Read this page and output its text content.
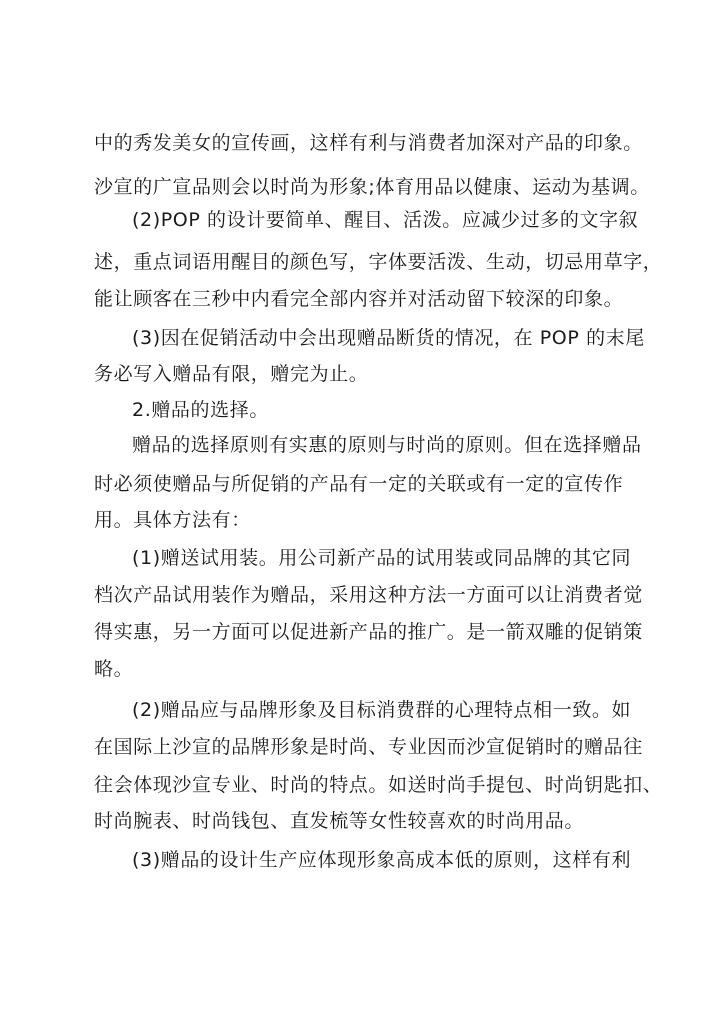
中的秀发美女的宣传画，这样有利与消费者加深对产品的印象。
沙宣的广宣品则会以时尚为形象;体育用品以健康、运动为基调。
(2)POP 的设计要简单、醒目、活泼。应减少过多的文字叙
述，重点词语用醒目的颜色写，字体要活泼、生动，切忌用草字，
能让顾客在三秒中内看完全部内容并对活动留下较深的印象。
(3)因在促销活动中会出现赠品断货的情况，在 POP 的末尾
务必写入赠品有限，赠完为止。
2.赠品的选择。
赠品的选择原则有实惠的原则与时尚的原则。但在选择赠品
时必须使赠品与所促销的产品有一定的关联或有一定的宣传作
用。具体方法有：
(1)赠送试用装。用公司新产品的试用装或同品牌的其它同
档次产品试用装作为赠品，采用这种方法一方面可以让消费者觉
得实惠，另一方面可以促进新产品的推广。是一箭双雕的促销策
略。
(2)赠品应与品牌形象及目标消费群的心理特点相一致。如
在国际上沙宣的品牌形象是时尚、专业因而沙宣促销时的赠品往
往会体现沙宣专业、时尚的特点。如送时尚手提包、时尚钥匙扣、
时尚腕表、时尚钱包、直发梳等女性较喜欢的时尚用品。
(3)赠品的设计生产应体现形象高成本低的原则，这样有利
